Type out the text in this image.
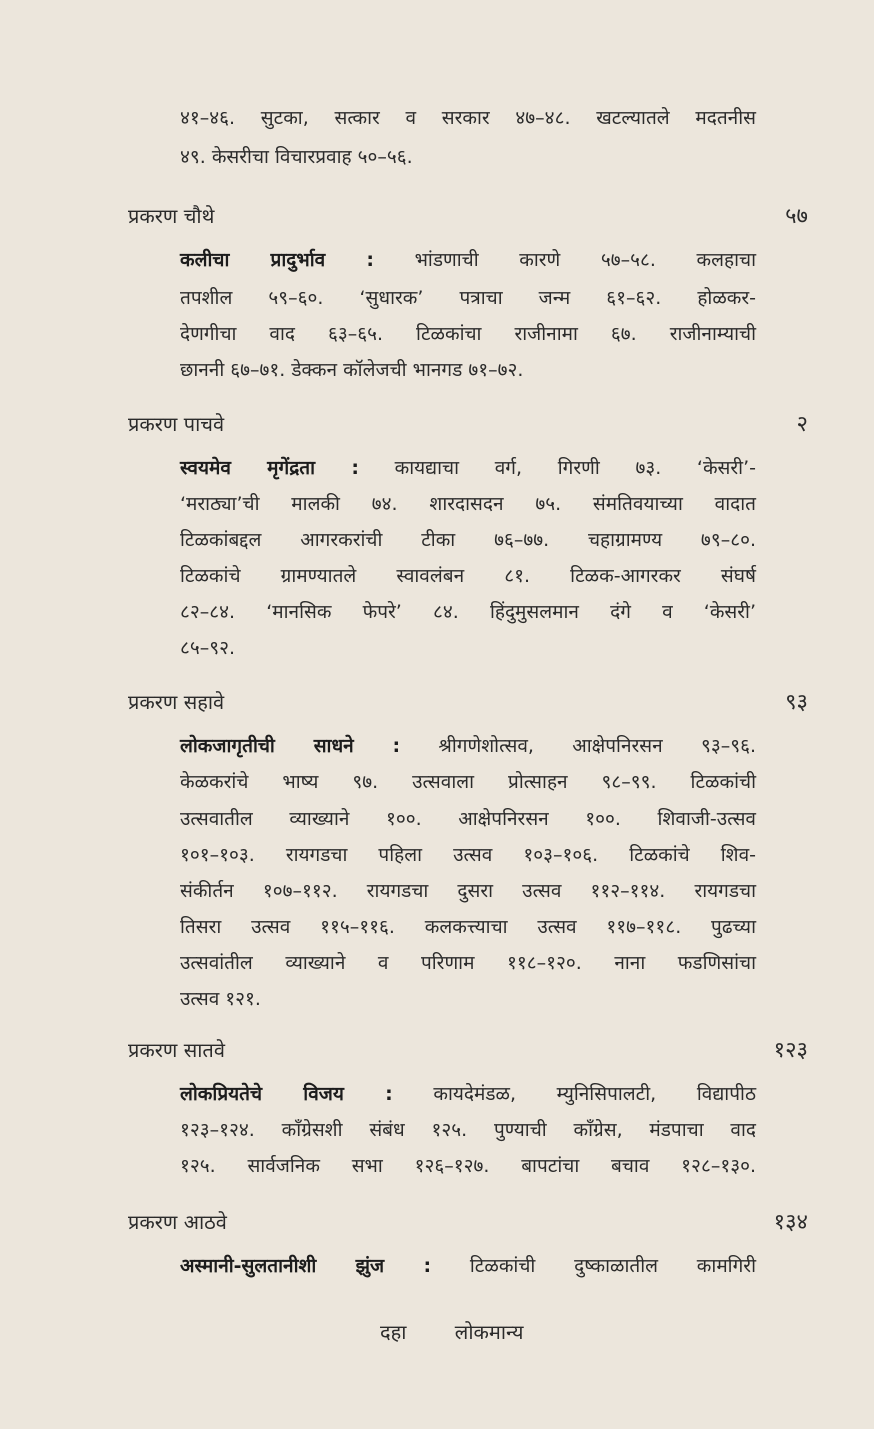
४१–४६. सुटका, सत्कार व सरकार ४७–४८. खटल्यातले मदतनीस
४९. केसरीचा विचारप्रवाह ५०–५६.
प्रकरण चौथे	५७
कलीचा प्रादुर्भाव : भांडणाची कारणे ५७–५८. कलहाचा
तपशील ५९–६०. ‘सुधारक’ पत्राचा जन्म ६१–६२. होळकर-
देणगीचा वाद ६३–६५. टिळकांचा राजीनामा ६७. राजीनाम्याची
छाननी ६७–७१. डेक्कन कॉलेजची भानगड ७१–७२.
प्रकरण पाचवे	२
स्वयमेव मृगेंद्रता : कायद्याचा वर्ग, गिरणी ७३. ‘केसरी’-
‘मराठ्या’ची मालकी ७४. शारदासदन ७५. संमतिवयाच्या वादात
टिळकांबद्दल आगरकरांची टीका ७६–७७. चहाग्रामण्य ७९–८०.
टिळकांचे ग्रामण्यातले स्वावलंबन ८१. टिळक-आगरकर संघर्ष
८२–८४. ‘मानसिक फेपरे’ ८४. हिंदुमुसलमान दंगे व ‘केसरी’
८५–९२.
प्रकरण सहावे	९३
लोकजागृतीची साधने : श्रीगणेशोत्सव, आक्षेपनिरसन ९३–९६.
केळकरांचे भाष्य ९७. उत्सवाला प्रोत्साहन ९८–९९. टिळकांची
उत्सवातील व्याख्याने १००. आक्षेपनिरसन १००. शिवाजी-उत्सव
१०१–१०३. रायगडचा पहिला उत्सव १०३–१०६. टिळकांचे शिव-
संकीर्तन १०७–११२. रायगडचा दुसरा उत्सव ११२–११४. रायगडचा
तिसरा उत्सव ११५–११६. कलकत्त्याचा उत्सव ११७–११८. पुढच्या
उत्सवांतील व्याख्याने व परिणाम ११८–१२०. नाना फडणिसांचा
उत्सव १२१.
प्रकरण सातवे	१२३
लोकप्रियतेचे विजय : कायदेमंडळ, म्युनिसिपालटी, विद्यापीठ
१२३–१२४. कॉंग्रेसशी संबंध १२५. पुण्याची कॉंग्रेस, मंडपाचा वाद
१२५. सार्वजनिक सभा १२६–१२७. बापटांचा बचाव १२८–१३०.
प्रकरण आठवे	१३४
अस्मानी-सुलतानीशी झुंज : टिळकांची दुष्काळातील कामगिरी
दहा लोकमान्य
